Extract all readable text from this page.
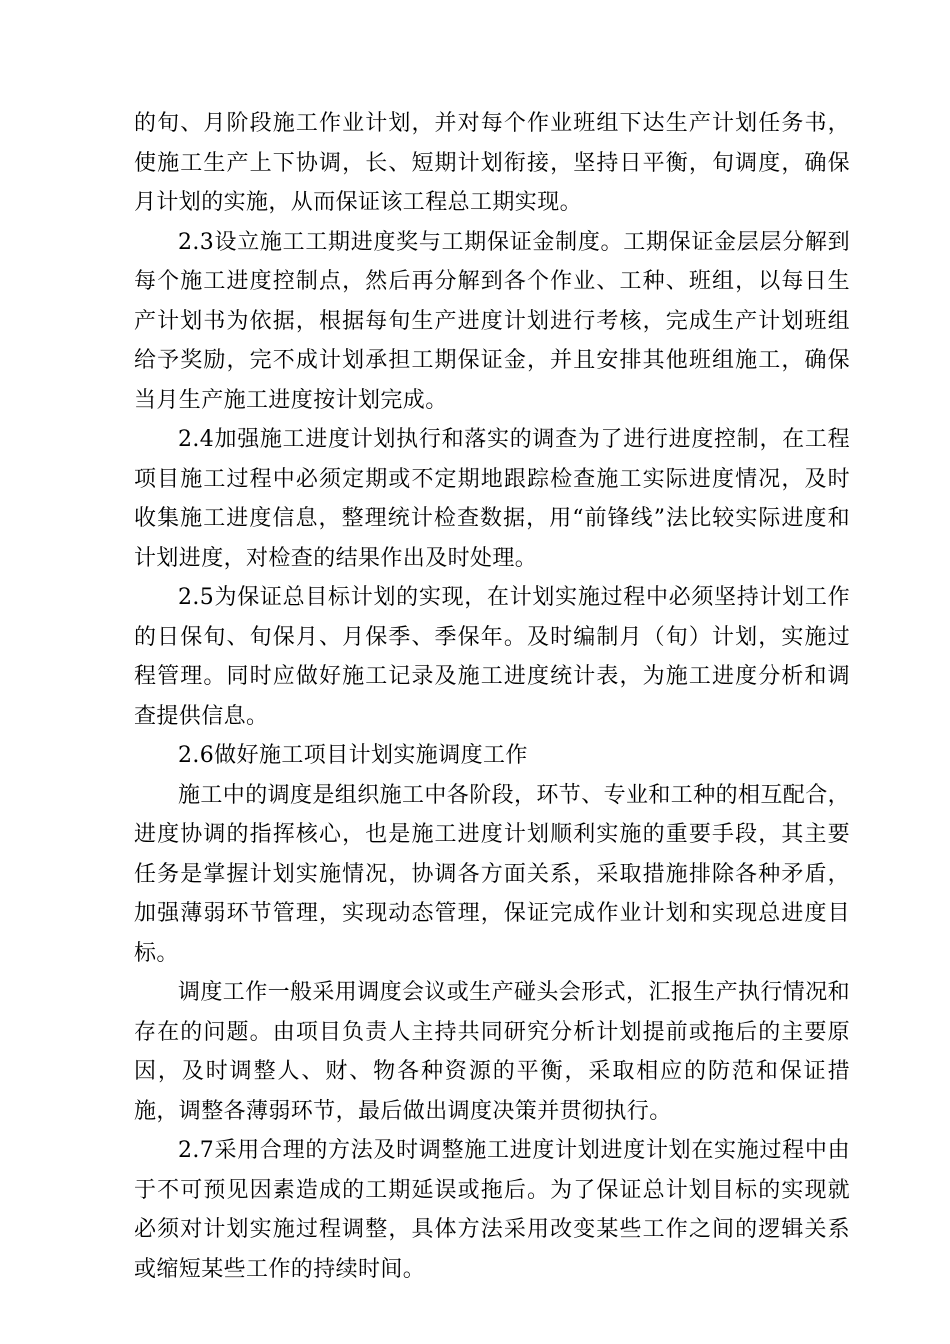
的旬、月阶段施工作业计划，并对每个作业班组下达生产计划任务书，使施工生产上下协调，长、短期计划衔接，坚持日平衡，旬调度，确保月计划的实施，从而保证该工程总工期实现。

2.3设立施工工期进度奖与工期保证金制度。工期保证金层层分解到每个施工进度控制点，然后再分解到各个作业、工种、班组，以每日生产计划书为依据，根据每旬生产进度计划进行考核，完成生产计划班组给予奖励，完不成计划承担工期保证金，并且安排其他班组施工，确保当月生产施工进度按计划完成。

2.4加强施工进度计划执行和落实的调查为了进行进度控制，在工程项目施工过程中必须定期或不定期地跟踪检查施工实际进度情况，及时收集施工进度信息，整理统计检查数据，用“前锋线”法比较实际进度和计划进度，对检查的结果作出及时处理。

2.5为保证总目标计划的实现，在计划实施过程中必须坚持计划工作的日保旬、旬保月、月保季、季保年。及时编制月（旬）计划，实施过程管理。同时应做好施工记录及施工进度统计表，为施工进度分析和调查提供信息。

2.6做好施工项目计划实施调度工作

施工中的调度是组织施工中各阶段，环节、专业和工种的相互配合，进度协调的指挥核心，也是施工进度计划顺利实施的重要手段，其主要任务是掌握计划实施情况，协调各方面关系，采取措施排除各种矛盾，加强薄弱环节管理，实现动态管理，保证完成作业计划和实现总进度目标。

调度工作一般采用调度会议或生产碰头会形式，汇报生产执行情况和存在的问题。由项目负责人主持共同研究分析计划提前或拖后的主要原因，及时调整人、财、物各种资源的平衡，采取相应的防范和保证措施，调整各薄弱环节，最后做出调度决策并贯彻执行。

2.7采用合理的方法及时调整施工进度计划进度计划在实施过程中由于不可预见因素造成的工期延误或拖后。为了保证总计划目标的实现就必须对计划实施过程调整，具体方法采用改变某些工作之间的逻辑关系或缩短某些工作的持续时间。
